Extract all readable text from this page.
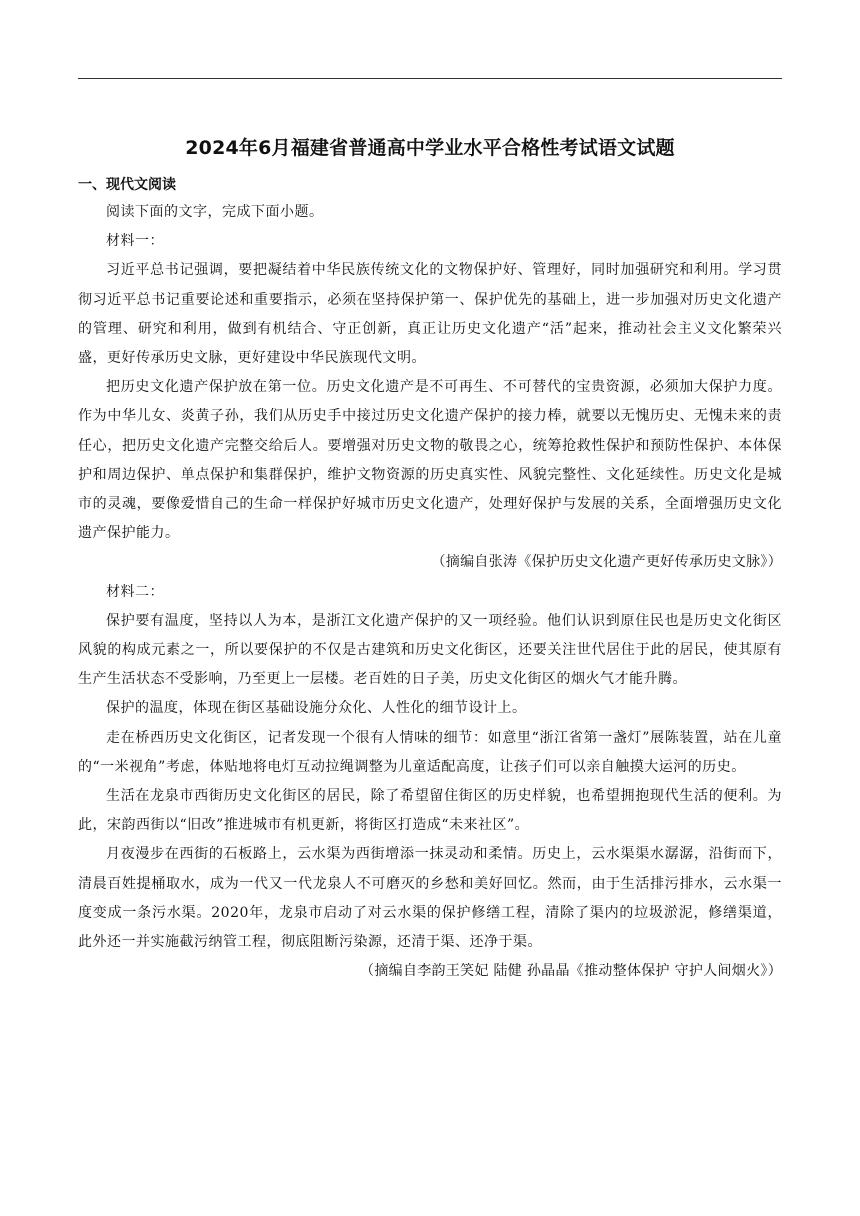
2024年6月福建省普通高中学业水平合格性考试语文试题
一、现代文阅读

阅读下面的文字，完成下面小题。

材料一：

习近平总书记强调，要把凝结着中华民族传统文化的文物保护好、管理好，同时加强研究和利用。学习贯彻习近平总书记重要论述和重要指示，必须在坚持保护第一、保护优先的基础上，进一步加强对历史文化遗产的管理、研究和利用，做到有机结合、守正创新，真正让历史文化遗产“活”起来，推动社会主义文化繁荣兴盛，更好传承历史文脉，更好建设中华民族现代文明。

把历史文化遗产保护放在第一位。历史文化遗产是不可再生、不可替代的宝贵资源，必须加大保护力度。作为中华儿女、炎黄子孙，我们从历史手中接过历史文化遗产保护的接力棒，就要以无愧历史、无愧未来的责任心，把历史文化遗产完整交给后人。要增强对历史文物的敬畏之心，统筹抢救性保护和预防性保护、本体保护和周边保护、单点保护和集群保护，维护文物资源的历史真实性、风貌完整性、文化延续性。历史文化是城市的灵魂，要像爱惜自己的生命一样保护好城市历史文化遗产，处理好保护与发展的关系，全面增强历史文化遗产保护能力。

（摘编自张涛《保护历史文化遗产更好传承历史文脉》）

材料二：

保护要有温度，坚持以人为本，是浙江文化遗产保护的又一项经验。他们认识到原住民也是历史文化街区风貌的构成元素之一，所以要保护的不仅是古建筑和历史文化街区，还要关注世代居住于此的居民，使其原有生产生活状态不受影响，乃至更上一层楼。老百姓的日子美，历史文化街区的烟火气才能升腾。

保护的温度，体现在街区基础设施分众化、人性化的细节设计上。

走在桥西历史文化街区，记者发现一个很有人情味的细节：如意里“浙江省第一盏灯”展陈装置，站在儿童的“一米视角”考虑，体贴地将电灯互动拉绳调整为儿童适配高度，让孩子们可以亲自触摸大运河的历史。

生活在龙泉市西街历史文化街区的居民，除了希望留住街区的历史样貌，也希望拥抱现代生活的便利。为此，宋韵西街以“旧改”推进城市有机更新，将街区打造成“未来社区”。

月夜漫步在西街的石板路上，云水渠为西街增添一抹灵动和柔情。历史上，云水渠渠水潺潺，沿街而下，清晨百姓提桶取水，成为一代又一代龙泉人不可磨灭的乡愁和美好回忆。然而，由于生活排污排水，云水渠一度变成一条污水渠。2020年，龙泉市启动了对云水渠的保护修缮工程，清除了渠内的垃圾淤泥，修缮渠道，此外还一并实施截污纳管工程，彻底阻断污染源，还清于渠、还净于渠。

（摘编自李韵王笑妃 陆健 孙晶晶《推动整体保护 守护人间烟火》）
